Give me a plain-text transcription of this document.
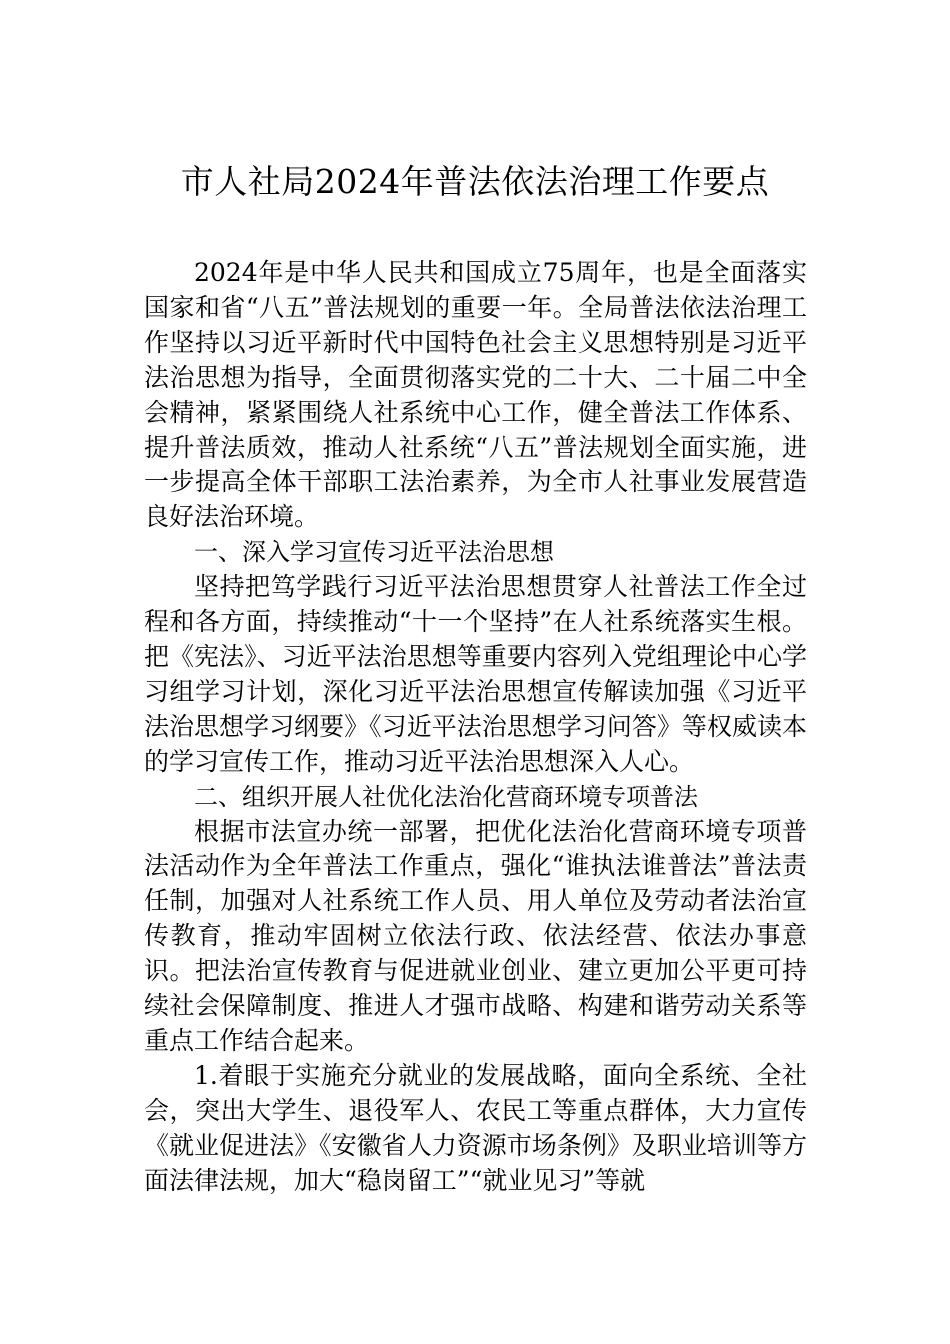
市人社局2024年普法依法治理工作要点

2024年是中华人民共和国成立75周年，也是全面落实国家和省“八五”普法规划的重要一年。全局普法依法治理工作坚持以习近平新时代中国特色社会主义思想特别是习近平法治思想为指导，全面贯彻落实党的二十大、二十届二中全会精神，紧紧围绕人社系统中心工作，健全普法工作体系、提升普法质效，推动人社系统“八五”普法规划全面实施，进一步提高全体干部职工法治素养，为全市人社事业发展营造良好法治环境。

一、深入学习宣传习近平法治思想

坚持把笃学践行习近平法治思想贯穿人社普法工作全过程和各方面，持续推动“十一个坚持”在人社系统落实生根。把《宪法》、习近平法治思想等重要内容列入党组理论中心学习组学习计划，深化习近平法治思想宣传解读加强《习近平法治思想学习纲要》《习近平法治思想学习问答》等权威读本的学习宣传工作，推动习近平法治思想深入人心。

二、组织开展人社优化法治化营商环境专项普法

根据市法宣办统一部署，把优化法治化营商环境专项普法活动作为全年普法工作重点，强化“谁执法谁普法”普法责任制，加强对人社系统工作人员、用人单位及劳动者法治宣传教育，推动牢固树立依法行政、依法经营、依法办事意识。把法治宣传教育与促进就业创业、建立更加公平更可持续社会保障制度、推进人才强市战略、构建和谐劳动关系等重点工作结合起来。

1.着眼于实施充分就业的发展战略，面向全系统、全社会，突出大学生、退役军人、农民工等重点群体，大力宣传《就业促进法》《安徽省人力资源市场条例》及职业培训等方面法律法规，加大“稳岗留工”“就业见习”等就
